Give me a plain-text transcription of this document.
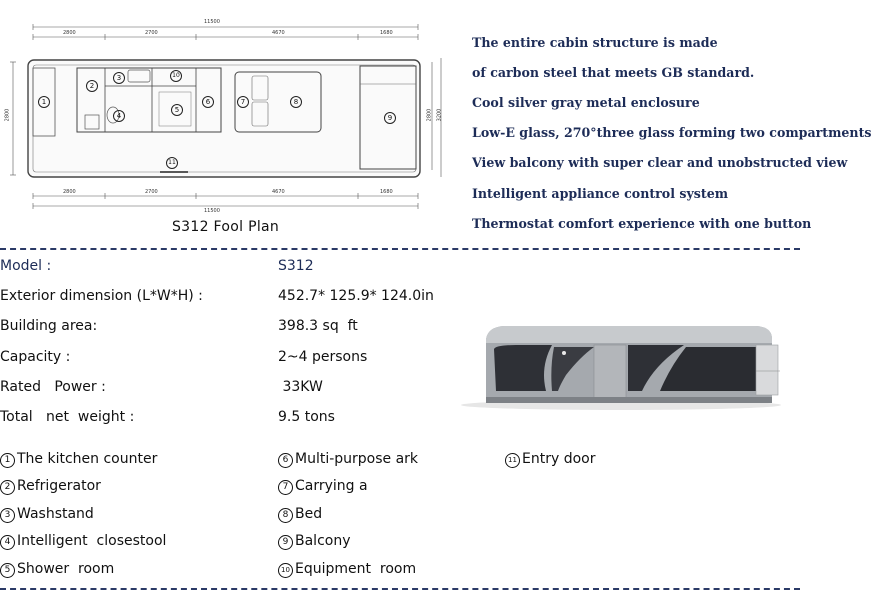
11500
2800	2700	4670	1680
2800	2700	4670	1680
11500
2800	2800 3200
1
2
3
4
5
6	7	8
9
10
11
S312 Fool Plan
The entire cabin structure is made
of carbon steel that meets GB standard.
Cool silver gray metal enclosure
Low-E glass, 270°three glass forming two compartments
View balcony with super clear and unobstructed view
Intelligent appliance control system
Thermostat comfort experience with one button
Model :	S312
Exterior dimension (L*W*H) :	452.7* 125.9* 124.0in
Building area:	398.3 sq  ft
Capacity :	2~4 persons
Rated   Power :	33KW
Total   net  weight :	9.5 tons
1 The kitchen counter
2 Refrigerator
3 Washstand
4 Intelligent  closestool
5 Shower  room
6 Multi-purpose ark
7 Carrying a
8 Bed
9 Balcony
10 Equipment  room
11 Entry door
